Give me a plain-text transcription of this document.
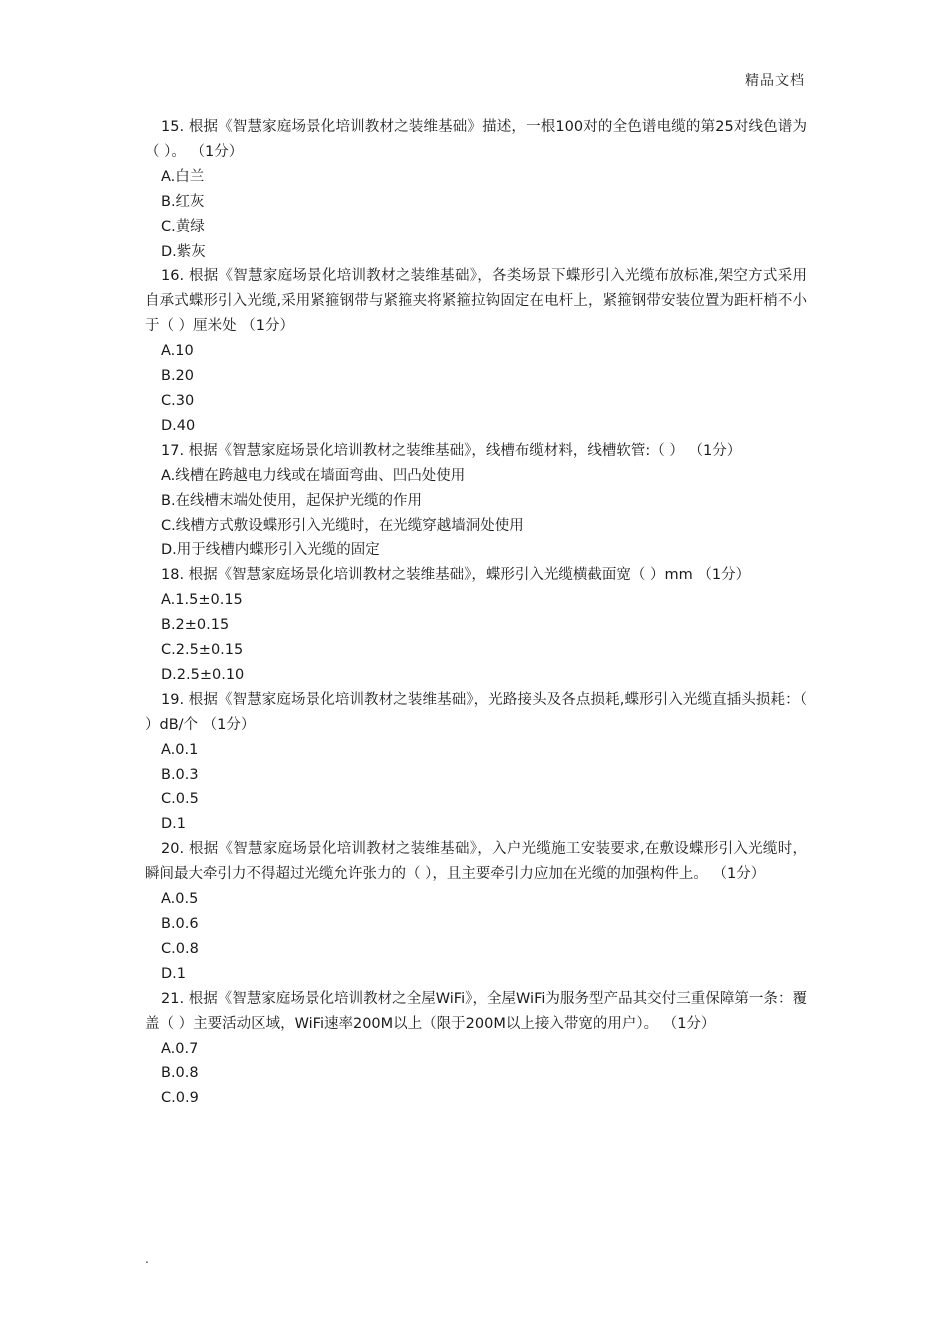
精品文档

15. 根据《智慧家庭场景化培训教材之装维基础》描述，一根100对的全色谱电缆的第25对线色谱为（ ）。 （1分）

A.白兰

B.红灰

C.黄绿

D.紫灰

16. 根据《智慧家庭场景化培训教材之装维基础》，各类场景下蝶形引入光缆布放标准,架空方式采用自承式蝶形引入光缆,采用紧箍钢带与紧箍夹将紧箍拉钩固定在电杆上，紧箍钢带安装位置为距杆梢不小于（ ）厘米处 （1分）

A.10

B.20

C.30

D.40

17. 根据《智慧家庭场景化培训教材之装维基础》，线槽布缆材料，线槽软管:（ ） （1分）

A.线槽在跨越电力线或在墙面弯曲、凹凸处使用

B.在线槽末端处使用，起保护光缆的作用

C.线槽方式敷设蝶形引入光缆时，在光缆穿越墙洞处使用

D.用于线槽内蝶形引入光缆的固定

18. 根据《智慧家庭场景化培训教材之装维基础》，蝶形引入光缆横截面宽（ ）mm （1分）

A.1.5±0.15

B.2±0.15

C.2.5±0.15

D.2.5±0.10

19. 根据《智慧家庭场景化培训教材之装维基础》，光路接头及各点损耗,蝶形引入光缆直插头损耗：（ ）dB/个 （1分）

A.0.1

B.0.3

C.0.5

D.1

20. 根据《智慧家庭场景化培训教材之装维基础》，入户光缆施工安装要求,在敷设蝶形引入光缆时，瞬间最大牵引力不得超过光缆允许张力的（ ），且主要牵引力应加在光缆的加强构件上。 （1分）

A.0.5

B.0.6

C.0.8

D.1

21. 根据《智慧家庭场景化培训教材之全屋WiFi》，全屋WiFi为服务型产品其交付三重保障第一条：覆盖（ ）主要活动区域，WiFi速率200M以上（限于200M以上接入带宽的用户）。 （1分）

A.0.7

B.0.8

C.0.9

.
